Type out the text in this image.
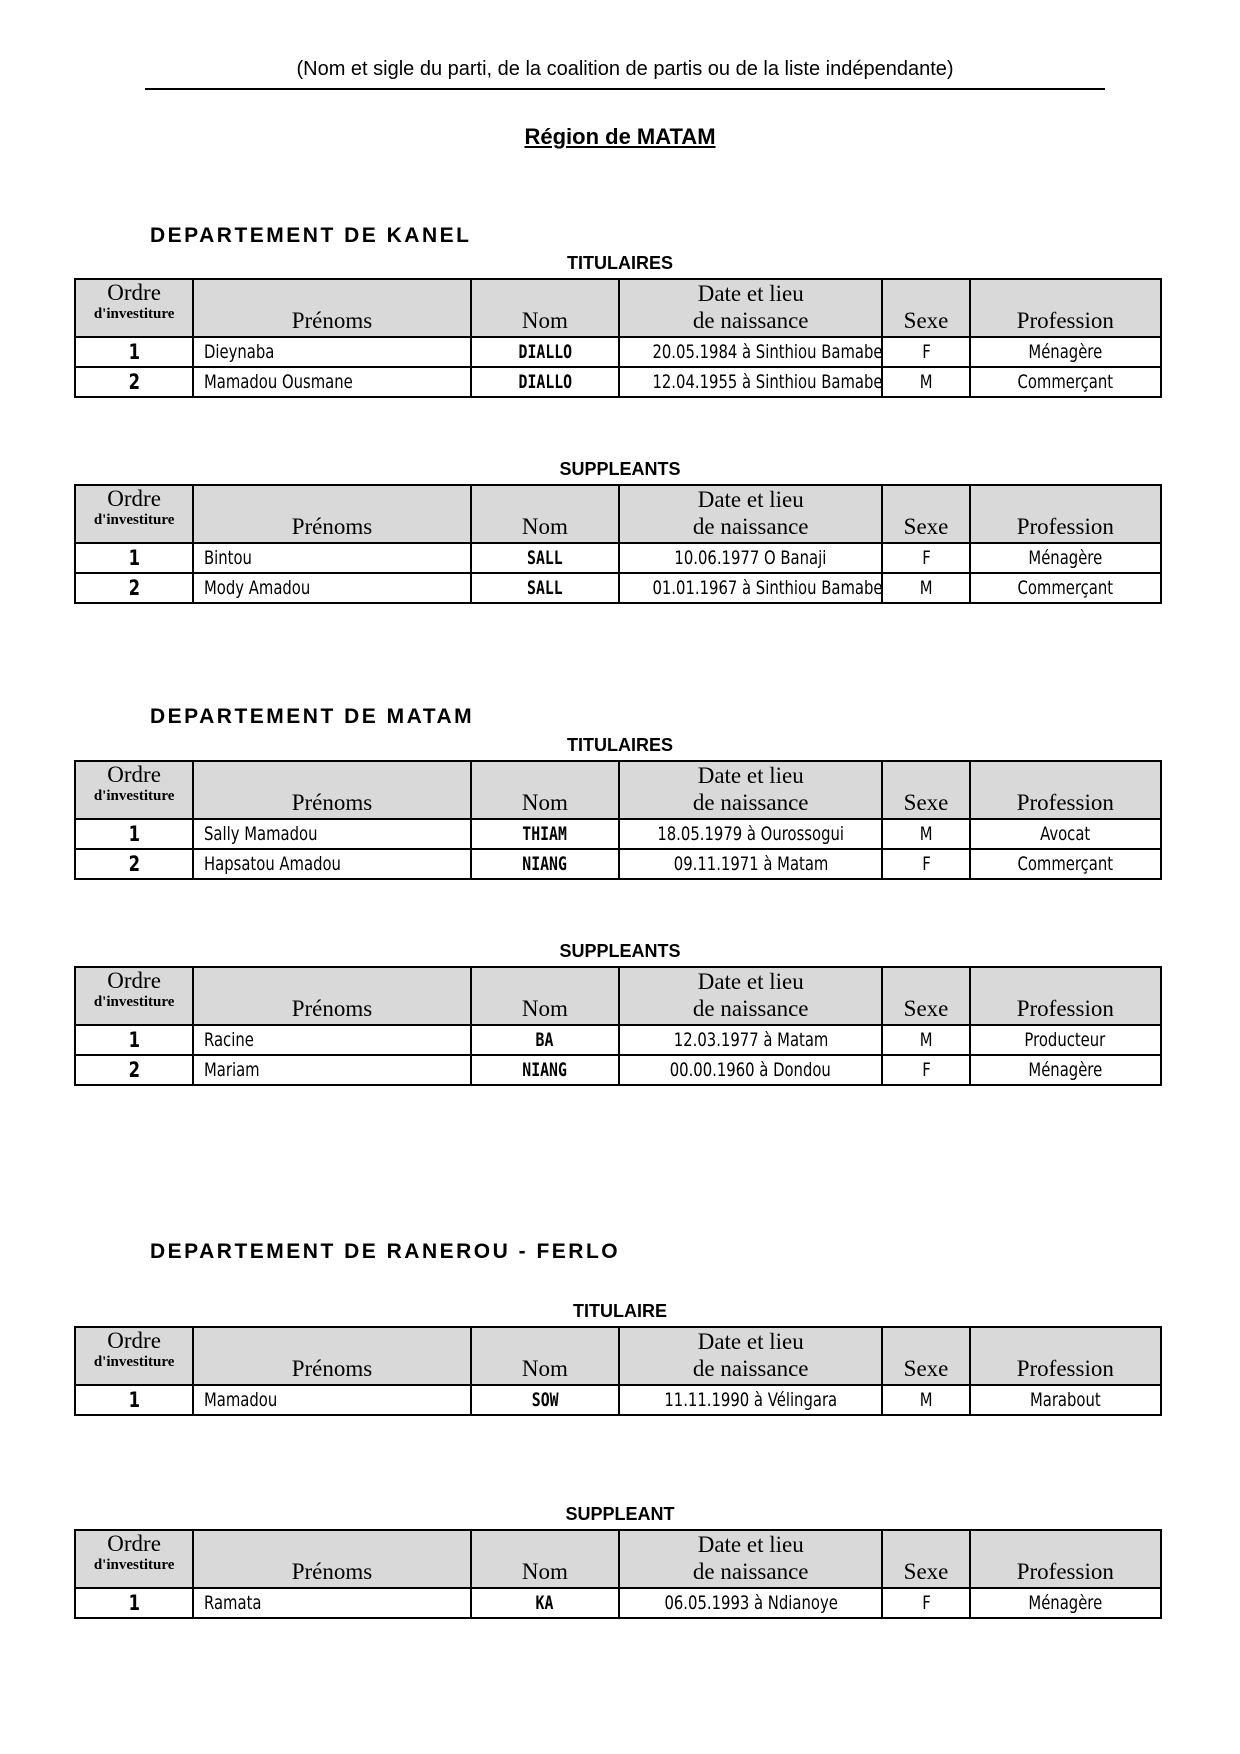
(Nom et sigle du parti, de la coalition de partis ou de la liste indépendante)
Région de MATAM
DEPARTEMENT DE KANEL
TITULAIRES
Ordre
d'investiture	Prénoms	Nom	Date et lieu
de naissance	Sexe	Profession
1	Dieynaba	DIALLO	20.05.1984 à Sinthiou Bamabe	F	Ménagère
2	Mamadou Ousmane	DIALLO	12.04.1955 à Sinthiou Bamabe	M	Commerçant
SUPPLEANTS
Ordre
d'investiture	Prénoms	Nom	Date et lieu
de naissance	Sexe	Profession
1	Bintou	SALL	10.06.1977 O Banaji	F	Ménagère
2	Mody Amadou	SALL	01.01.1967 à Sinthiou Bamabe	M	Commerçant
DEPARTEMENT DE MATAM
TITULAIRES
Ordre
d'investiture	Prénoms	Nom	Date et lieu
de naissance	Sexe	Profession
1	Sally Mamadou	THIAM	18.05.1979 à Ourossogui	M	Avocat
2	Hapsatou Amadou	NIANG	09.11.1971 à Matam	F	Commerçant
SUPPLEANTS
Ordre
d'investiture	Prénoms	Nom	Date et lieu
de naissance	Sexe	Profession
1	Racine	BA	12.03.1977 à Matam	M	Producteur
2	Mariam	NIANG	00.00.1960 à Dondou	F	Ménagère
DEPARTEMENT DE RANEROU - FERLO
TITULAIRE
Ordre
d'investiture	Prénoms	Nom	Date et lieu
de naissance	Sexe	Profession
1	Mamadou	SOW	11.11.1990 à Vélingara	M	Marabout
SUPPLEANT
Ordre
d'investiture	Prénoms	Nom	Date et lieu
de naissance	Sexe	Profession
1	Ramata	KA	06.05.1993 à Ndianoye	F	Ménagère
